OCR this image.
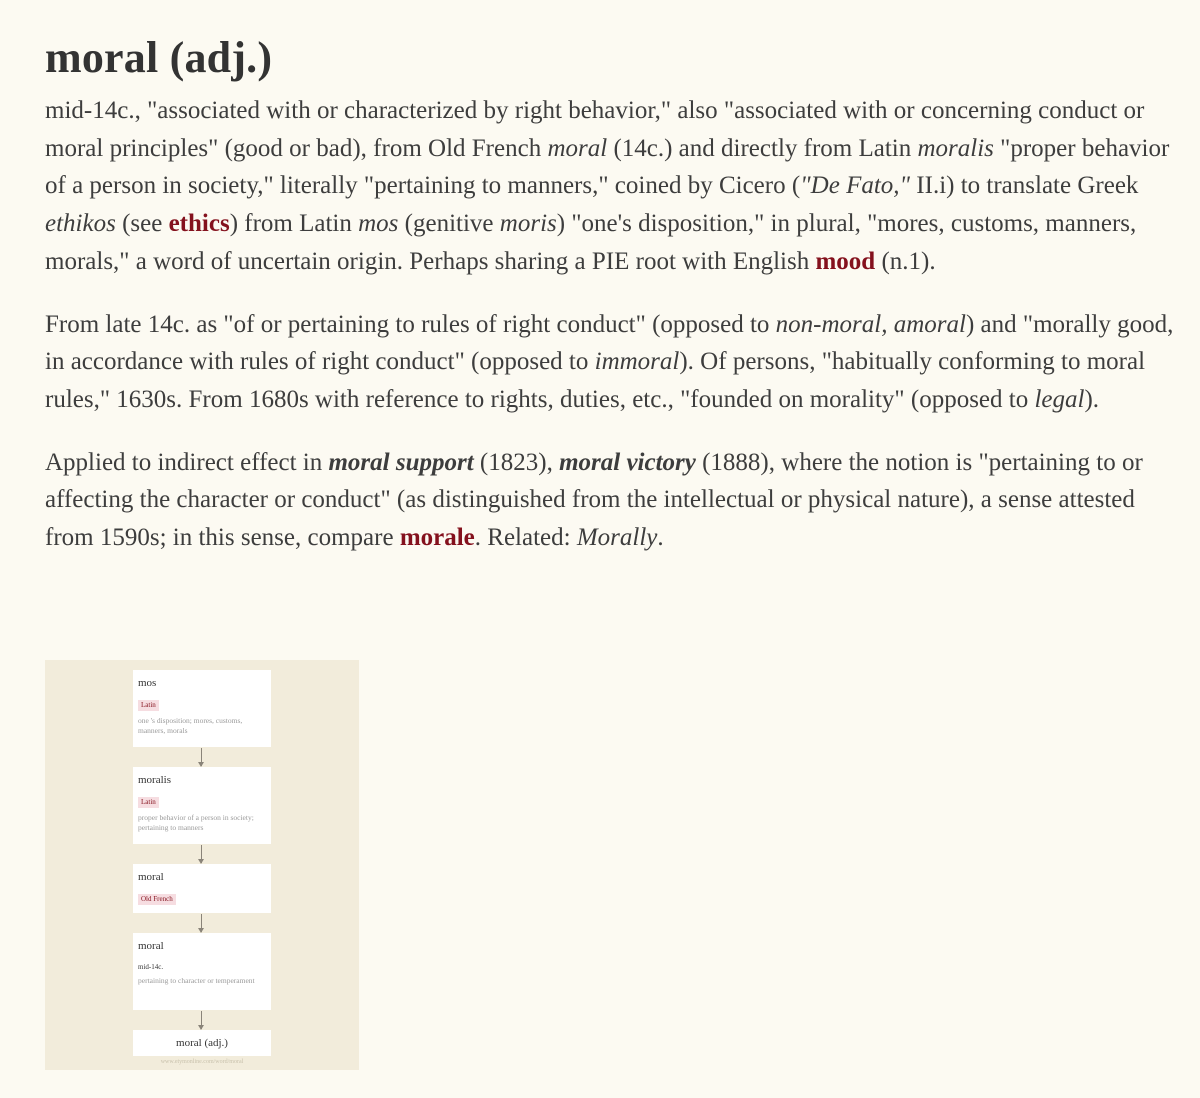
moral (adj.)

mid-14c., "associated with or characterized by right behavior," also "associated with or concerning conduct or moral principles" (good or bad), from Old French moral (14c.) and directly from Latin moralis "proper behavior of a person in society," literally "pertaining to manners," coined by Cicero ("De Fato," II.i) to translate Greek ethikos (see ethics) from Latin mos (genitive moris) "one's disposition," in plural, "mores, customs, manners, morals," a word of uncertain origin. Perhaps sharing a PIE root with English mood (n.1).

From late 14c. as "of or pertaining to rules of right conduct" (opposed to non-moral, amoral) and "morally good, in accordance with rules of right conduct" (opposed to immoral). Of persons, "habitually conforming to moral rules," 1630s. From 1680s with reference to rights, duties, etc., "founded on morality" (opposed to legal).

Applied to indirect effect in moral support (1823), moral victory (1888), where the notion is "pertaining to or affecting the character or conduct" (as distinguished from the intellectual or physical nature), a sense attested from 1590s; in this sense, compare morale. Related: Morally.

mos
Latin
one 's disposition; mores, customs, manners, morals
moralis
Latin
proper behavior of a person in society; pertaining to manners
moral
Old French
moral
mid-14c.
pertaining to character or temperament
moral (adj.)
www.etymonline.com/word/moral
